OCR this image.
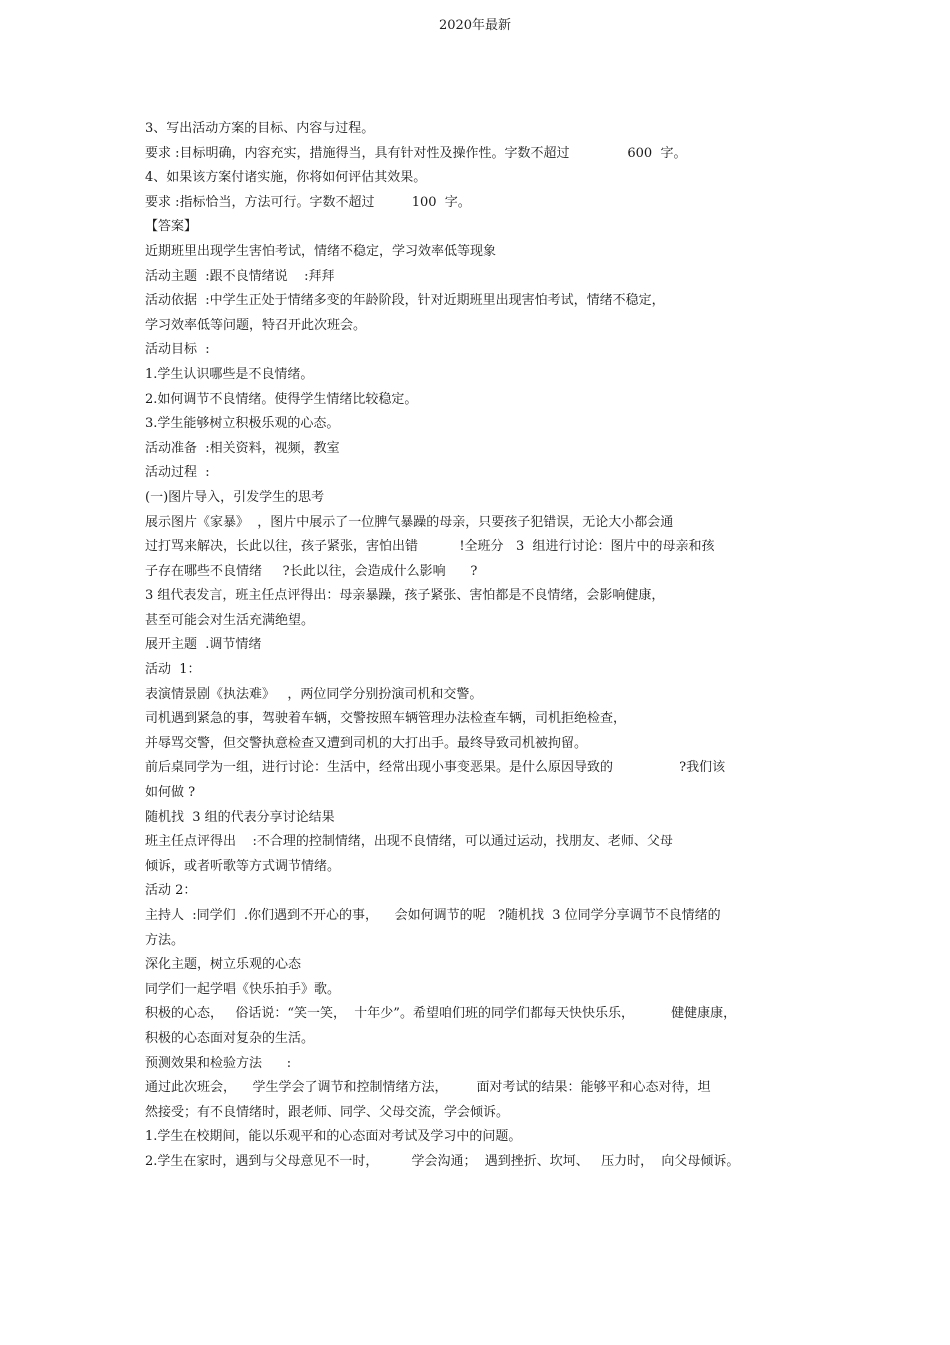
2020年最新
3、写出活动方案的目标、内容与过程。
要求 :目标明确，内容充实，措施得当，具有针对性及操作性。字数不超过              600  字。
4、如果该方案付诸实施，你将如何评估其效果。
要求 :指标恰当，方法可行。字数不超过         100  字。
【答案】
近期班里出现学生害怕考试，情绪不稳定，学习效率低等现象
活动主题  :跟不良情绪说    :拜拜
活动依据  :中学生正处于情绪多变的年龄阶段，针对近期班里出现害怕考试，情绪不稳定，
学习效率低等问题，特召开此次班会。
活动目标  :
1.学生认识哪些是不良情绪。
2.如何调节不良情绪。使得学生情绪比较稳定。
3.学生能够树立积极乐观的心态。
活动准备  :相关资料，视频，教室
活动过程  :
(一)图片导入，引发学生的思考
展示图片《家暴》  ，图片中展示了一位脾气暴躁的母亲，只要孩子犯错误，无论大小都会通
过打骂来解决，长此以往，孩子紧张，害怕出错          !全班分   3  组进行讨论：图片中的母亲和孩
子存在哪些不良情绪     ?长此以往，会造成什么影响      ?
3 组代表发言，班主任点评得出：母亲暴躁，孩子紧张、害怕都是不良情绪，会影响健康，
甚至可能会对生活充满绝望。
展开主题  .调节情绪
活动  1：
表演情景剧《执法难》   ，两位同学分别扮演司机和交警。
司机遇到紧急的事，驾驶着车辆，交警按照车辆管理办法检查车辆，司机拒绝检查，
并辱骂交警，但交警执意检查又遭到司机的大打出手。最终导致司机被拘留。
前后桌同学为一组，进行讨论：生活中，经常出现小事变恶果。是什么原因导致的                ?我们该
如何做 ?
随机找  3 组的代表分享讨论结果
班主任点评得出    :不合理的控制情绪，出现不良情绪，可以通过运动，找朋友、老师、父母
倾诉，或者听歌等方式调节情绪。
活动 2：
主持人  :同学们  .你们遇到不开心的事，    会如何调节的呢   ?随机找  3 位同学分享调节不良情绪的
方法。
深化主题，树立乐观的心态
同学们一起学唱《快乐拍手》歌。
积极的心态，   俗话说：“笑一笑，  十年少”。希望咱们班的同学们都每天快快乐乐，         健健康康，
积极的心态面对复杂的生活。
预测效果和检验方法      :
通过此次班会，    学生学会了调节和控制情绪方法，       面对考试的结果：能够平和心态对待，坦
然接受；有不良情绪时，跟老师、同学、父母交流，学会倾诉。
1.学生在校期间，能以乐观平和的心态面对考试及学习中的问题。
2.学生在家时，遇到与父母意见不一时，        学会沟通；  遇到挫折、坎坷、   压力时，  向父母倾诉。
